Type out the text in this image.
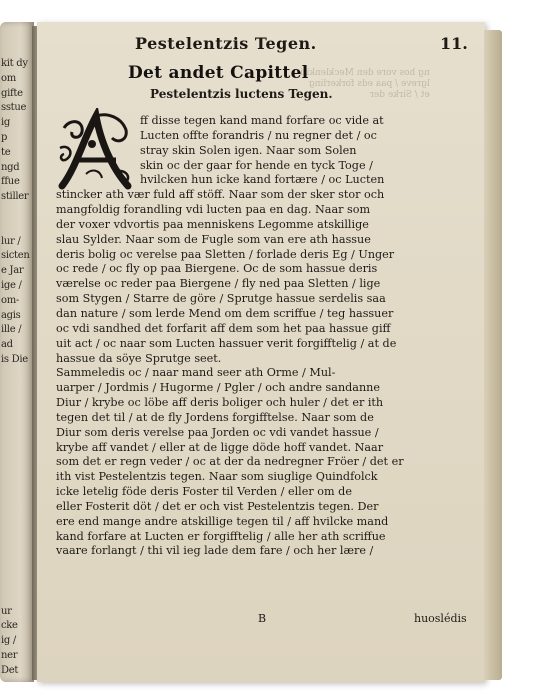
kit dy
om
gifte
sstue
ig
p
te
ngd
ffue
stiller
lur /
sicten
e Jar
ige /
om-
agis
ille /
ad
is Die
ur
cke
ig /
ner
Det
ng hos vore den Mecklenkiti
lgreve / paa eds forkerling
et / Sirke der
Pestelentzis Tegen.	11.
Det andet Capittel
Pestelentzis luctens Tegen.
ff disse tegen kand mand forfare oc vide at
Lucten offte forandris / nu regner det / oc
stray skin Solen igen. Naar som Solen
skin oc der gaar for hende en tyck Toge /
hvilcken hun icke kand fortære / oc Lucten
stincker ath vær fuld aff stöff. Naar som der sker stor och
mangfoldig forandling vdi lucten paa en dag. Naar som
der voxer vdvortis paa menniskens Legomme atskillige
slau Sylder. Naar som de Fugle som van ere ath hassue
deris bolig oc verelse paa Sletten / forlade deris Eg / Unger
oc rede / oc fly op paa Biergene. Oc de som hassue deris
værelse oc reder paa Biergene / fly ned paa Sletten / lige
som Stygen / Starre de göre / Sprutge hassue serdelis saa
dan nature / som lerde Mend om dem scriffue / teg hassuer
oc vdi sandhed det forfarit aff dem som het paa hassue giff
uit act / oc naar som Lucten hassuer verit forgifftelig / at de
hassue da söye Sprutge seet.
Sammeledis oc / naar mand seer ath Orme / Mul-
uarper / Jordmis / Hugorme / Pgler / och andre sandanne
Diur / krybe oc löbe aff deris boliger och huler / det er ith
tegen det til / at de fly Jordens forgifftelse. Naar som de
Diur som deris verelse paa Jorden oc vdi vandet hassue /
krybe aff vandet / eller at de ligge döde hoff vandet. Naar
som det er regn veder / oc at der da nedregner Fröer / det er
ith vist Pestelentzis tegen. Naar som siuglige Quindfolck
icke letelig föde deris Foster til Verden / eller om de
eller Fosterit döt / det er och vist Pestelentzis tegen. Der
ere end mange andre atskillige tegen til / aff hvilcke mand
kand forfare at Lucten er forgifftelig / alle her ath scriffue
vaare forlangt / thi vil ieg lade dem fare / och her lære /
B	huoslédis
